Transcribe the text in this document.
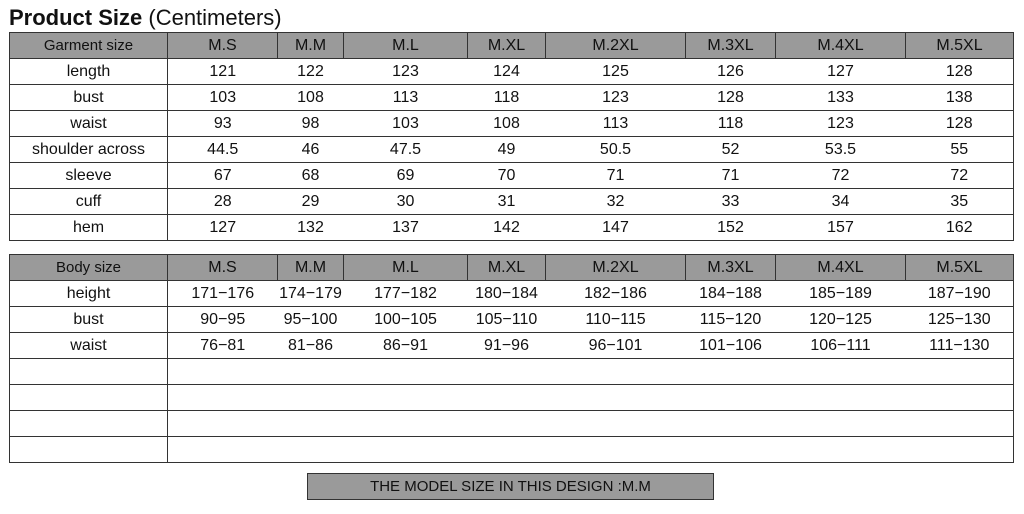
Product Size (Centimeters)
Garment size	M.S	M.M	M.L	M.XL	M.2XL	M.3XL	M.4XL	M.5XL
length	121	122	123	124	125	126	127	128
bust	103	108	113	118	123	128	133	138
waist	93	98	103	108	113	118	123	128
shoulder across	44.5	46	47.5	49	50.5	52	53.5	55
sleeve	67	68	69	70	71	71	72	72
cuff	28	29	30	31	32	33	34	35
hem	127	132	137	142	147	152	157	162
Body size	M.S	M.M	M.L	M.XL	M.2XL	M.3XL	M.4XL	M.5XL
height	171−176	174−179	177−182	180−184	182−186	184−188	185−189	187−190
bust	90−95	95−100	100−105	105−110	110−115	115−120	120−125	125−130
waist	76−81	81−86	86−91	91−96	96−101	101−106	106−111	111−130

THE MODEL SIZE IN THIS DESIGN :M.M
